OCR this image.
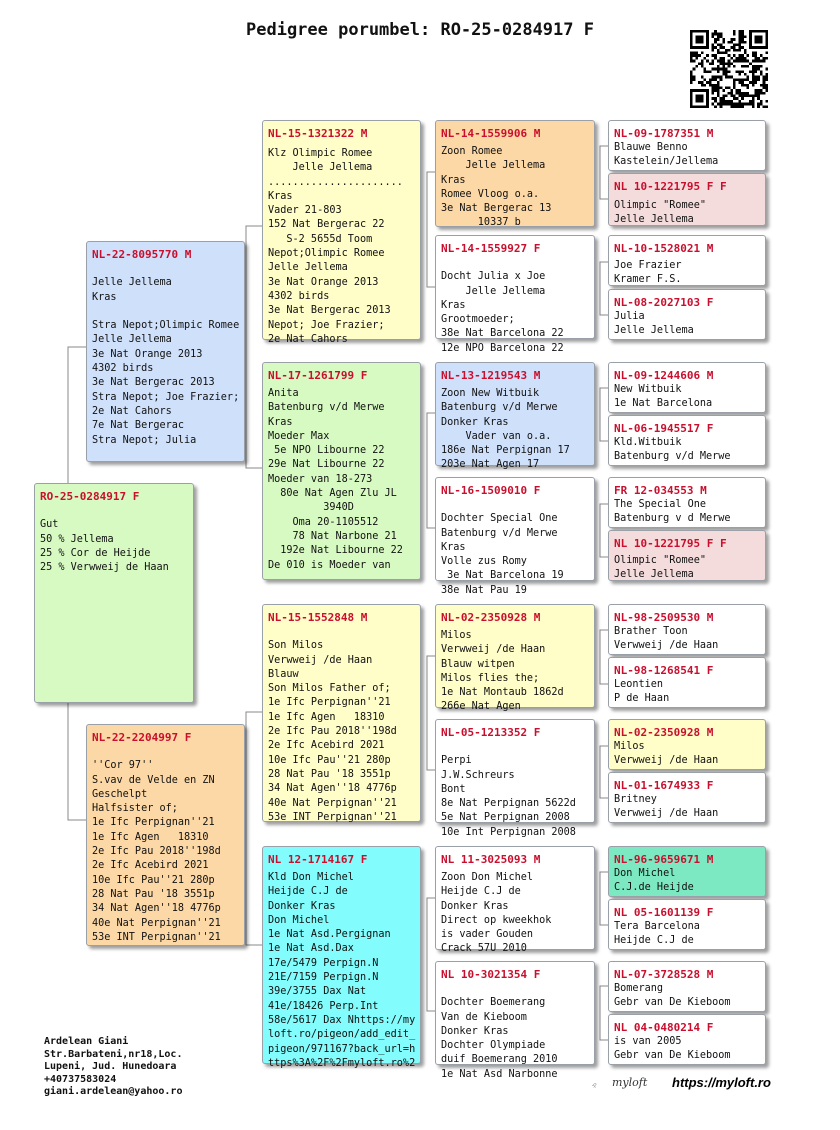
Pedigree porumbel: RO-25-0284917 F
RO-25-0284917 F

Gut
50 % Jellema
25 % Cor de Heijde
25 % Verwweij de Haan
NL-22-8095770 M

Jelle Jellema
Kras

Stra Nepot;Olimpic Romee
Jelle Jellema
3e Nat Orange 2013
4302 birds
3e Nat Bergerac 2013
Stra Nepot; Joe Frazier;
2e Nat Cahors
7e Nat Bergerac
Stra Nepot; Julia
NL-22-2204997 F

''Cor 97''
S.vav de Velde en ZN
Geschelpt
Halfsister of;
1e Ifc Perpignan''21
1e Ifc Agen   18310
2e Ifc Pau 2018''198d
2e Ifc Acebird 2021
10e Ifc Pau''21 280p
28 Nat Pau '18 3551p
34 Nat Agen''18 4776p
40e Nat Perpignan''21
53e INT Perpignan''21
NL-15-1321322 M
Klz Olimpic Romee
Jelle Jellema
......................
Kras
Vader 21-803
152 Nat Bergerac 22
S-2 5655d Toom
Nepot;Olimpic Romee
Jelle Jellema
3e Nat Orange 2013
4302 birds
3e Nat Bergerac 2013
Nepot; Joe Frazier;
2e Nat Cahors
NL-17-1261799 F
Anita
Batenburg v/d Merwe
Kras
Moeder Max
5e NPO Libourne 22
29e Nat Libourne 22
Moeder van 18-273
80e Nat Agen Zlu JL
3940D
Oma 20-1105512
78 Nat Narbone 21
192e Nat Libourne 22
De 010 is Moeder van
NL-15-1552848 M

Son Milos
Verwweij /de Haan
Blauw
Son Milos Father of;
1e Ifc Perpignan''21
1e Ifc Agen   18310
2e Ifc Pau 2018''198d
2e Ifc Acebird 2021
10e Ifc Pau''21 280p
28 Nat Pau '18 3551p
34 Nat Agen''18 4776p
40e Nat Perpignan''21
53e INT Perpignan''21
NL 12-1714167 F
Kld Don Michel
Heijde C.J de
Donker Kras
Don Michel
1e Nat Asd.Pergignan
1e Nat Asd.Dax
17e/5479 Perpign.N
21E/7159 Perpign.N
39e/3755 Dax Nat
41e/18426 Perp.Int
58e/5617 Dax Nhttps://my
loft.ro/pigeon/add_edit_
pigeon/971167?back_url=h
ttps%3A%2F%2Fmyloft.ro%2
NL-14-1559906 M
Zoon Romee
Jelle Jellema
Kras
Romee Vloog o.a.
3e Nat Bergerac 13
10337 b
NL-14-1559927 F

Docht Julia x Joe
Jelle Jellema
Kras
Grootmoeder;
38e Nat Barcelona 22
12e NPO Barcelona 22
NL-13-1219543 M
Zoon New Witbuik
Batenburg v/d Merwe
Donker Kras
Vader van o.a.
186e Nat Perpignan 17
203e Nat Agen 17
NL-16-1509010 F

Dochter Special One
Batenburg v/d Merwe
Kras
Volle zus Romy
3e Nat Barcelona 19
38e Nat Pau 19
NL-02-2350928 M
Milos
Verwweij /de Haan
Blauw witpen
Milos flies the;
1e Nat Montaub 1862d
266e Nat Agen
NL-05-1213352 F

Perpi
J.W.Schreurs
Bont
8e Nat Perpignan 5622d
5e Nat Perpignan 2008
10e Int Perpignan 2008
NL 11-3025093 M
Zoon Don Michel
Heijde C.J de
Donker Kras
Direct op kweekhok
is vader Gouden
Crack 57U 2010
NL 10-3021354 F

Dochter Boemerang
Van de Kieboom
Donker Kras
Dochter Olympiade
duif Boemerang 2010
1e Nat Asd Narbonne
NL-09-1787351 M
Blauwe Benno
Kastelein/Jellema
NL 10-1221795 F F

Olimpic "Romee"
Jelle Jellema
NL-10-1528021 M

Joe Frazier
Kramer F.S.
NL-08-2027103 F
Julia
Jelle Jellema
NL-09-1244606 M
New Witbuik
1e Nat Barcelona
NL-06-1945517 F
Kld.Witbuik
Batenburg v/d Merwe
FR 12-034553 M
The Special One
Batenburg v d Merwe
NL 10-1221795 F F

Olimpic "Romee"
Jelle Jellema
NL-98-2509530 M
Brather Toon
Verwweij /de Haan
NL-98-1268541 F
Leontien
P de Haan
NL-02-2350928 M
Milos
Verwweij /de Haan
NL-01-1674933 F
Britney
Verwweij /de Haan
NL-96-9659671 M
Don Michel
C.J.de Heijde
NL 05-1601139 F
Tera Barcelona
Heijde C.J de
NL-07-3728528 M
Bomerang
Gebr van De Kieboom
NL 04-0480214 F
is van 2005
Gebr van De Kieboom
Ardelean Giani
Str.Barbateni,nr18,Loc.
Lupeni, Jud. Hunedoara
+40737583024
giani.ardelean@yahoo.ro
myloft https://myloft.ro
